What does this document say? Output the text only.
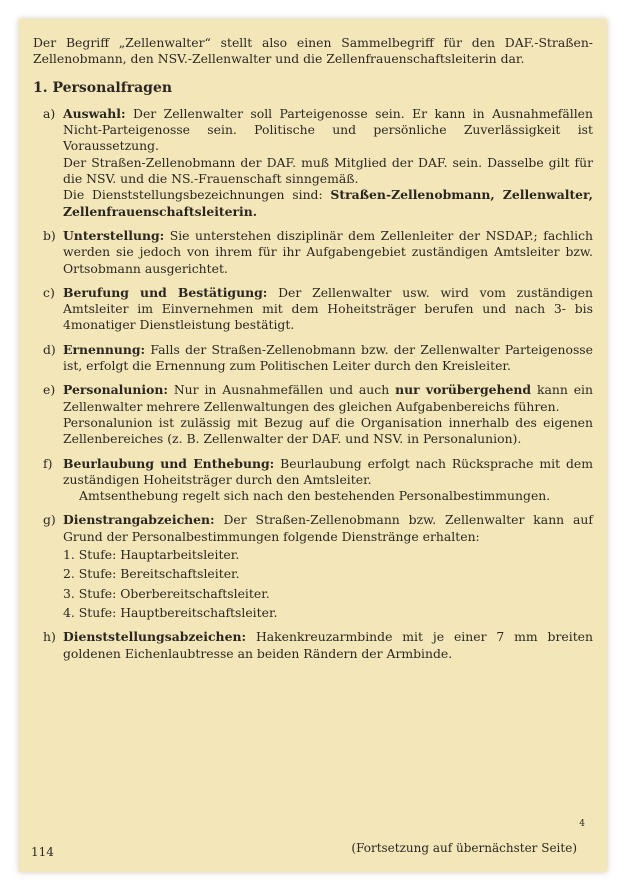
Der Begriff „Zellenwalter“ stellt also einen Sammelbegriff für den DAF.-Straßen-Zellenobmann, den NSV.-Zellenwalter und die Zellenfrauenschaftsleiterin dar.

1. Personalfragen
a) Auswahl: Der Zellenwalter soll Parteigenosse sein. Er kann in Ausnahmefällen Nicht-Parteigenosse sein. Politische und persönliche Zuverlässigkeit ist Voraussetzung.

Der Straßen-Zellenobmann der DAF. muß Mitglied der DAF. sein. Dasselbe gilt für die NSV. und die NS.-Frauenschaft sinngemäß.

Die Dienststellungsbezeichnungen sind: Straßen-Zellenobmann, Zellenwalter, Zellenfrauenschaftsleiterin.

b) Unterstellung: Sie unterstehen disziplinär dem Zellenleiter der NSDAP.; fachlich werden sie jedoch von ihrem für ihr Aufgabengebiet zuständigen Amtsleiter bzw. Ortsobmann ausgerichtet.

c) Berufung und Bestätigung: Der Zellenwalter usw. wird vom zuständigen Amtsleiter im Einvernehmen mit dem Hoheitsträger berufen und nach 3- bis 4monatiger Dienstleistung bestätigt.

d) Ernennung: Falls der Straßen-Zellenobmann bzw. der Zellenwalter Parteigenosse ist, erfolgt die Ernennung zum Politischen Leiter durch den Kreisleiter.

e) Personalunion: Nur in Ausnahmefällen und auch nur vorübergehend kann ein Zellenwalter mehrere Zellenwaltungen des gleichen Aufgabenbereichs führen.

Personalunion ist zulässig mit Bezug auf die Organisation innerhalb des eigenen Zellenbereiches (z. B. Zellenwalter der DAF. und NSV. in Personalunion).

f) Beurlaubung und Enthebung: Beurlaubung erfolgt nach Rücksprache mit dem zuständigen Hoheitsträger durch den Amtsleiter.

Amtsenthebung regelt sich nach den bestehenden Personalbestimmungen.

g) Dienstrangabzeichen: Der Straßen-Zellenobmann bzw. Zellenwalter kann auf Grund der Personalbestimmungen folgende Dienstränge erhalten:

1. Stufe: Hauptarbeitsleiter.
2. Stufe: Bereitschaftsleiter.
3. Stufe: Oberbereitschaftsleiter.
4. Stufe: Hauptbereitschaftsleiter.
h) Dienststellungsabzeichen: Hakenkreuzarmbinde mit je einer 7 mm breiten goldenen Eichenlaubtresse an beiden Rändern der Armbinde.

4
(Fortsetzung auf übernächster Seite)
114
